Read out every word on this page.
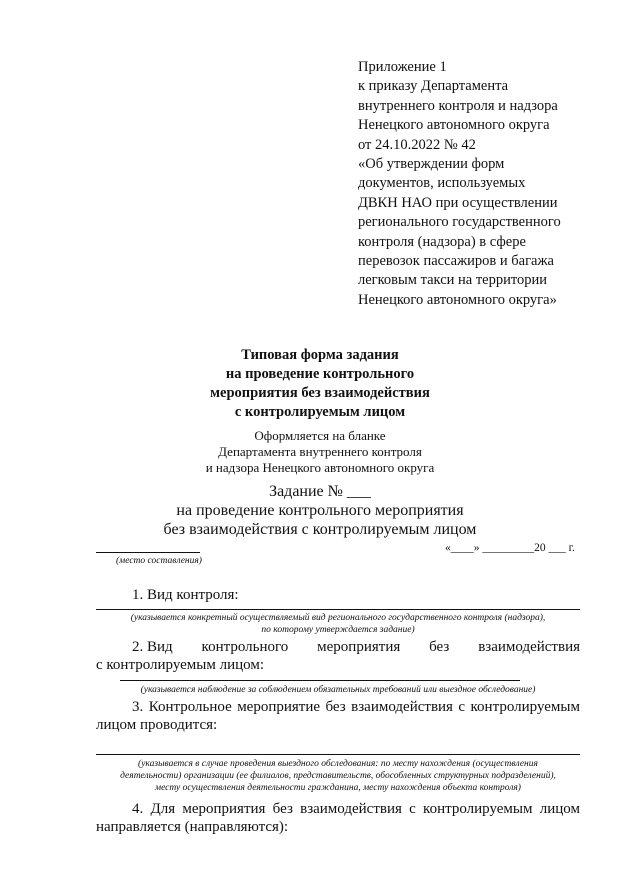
Приложение 1
к приказу Департамента
внутреннего контроля и надзора
Ненецкого автономного округа
от 24.10.2022 № 42
«Об утверждении форм
документов, используемых
ДВКН НАО при осуществлении
регионального государственного
контроля (надзора) в сфере
перевозок пассажиров и багажа
легковым такси на территории
Ненецкого автономного округа»
Типовая форма задания
на проведение контрольного
мероприятия без взаимодействия
с контролируемым лицом
Оформляется на бланке
Департамента внутреннего контроля
и надзора Ненецкого автономного округа
Задание № ___
на проведение контрольного мероприятия
без взаимодействия с контролируемым лицом
(место составления)
«____» _________20 ___ г.
1. Вид контроля:
(указывается конкретный осуществляемый вид регионального государственного контроля (надзора),
по которому утверждается задание)
2. Вид контрольного мероприятия без взаимодействия
с контролируемым лицом:
(указывается наблюдение за соблюдением обязательных требований или выездное обследование)
3. Контрольное мероприятие без взаимодействия с контролируемым
лицом проводится:
(указывается в случае проведения выездного обследования: по месту нахождения (осуществления
деятельности) организации (ее филиалов, представительств, обособленных структурных подразделений),
месту осуществления деятельности гражданина, месту нахождения объекта контроля)
4. Для мероприятия без взаимодействия с контролируемым лицом
направляется (направляются):
